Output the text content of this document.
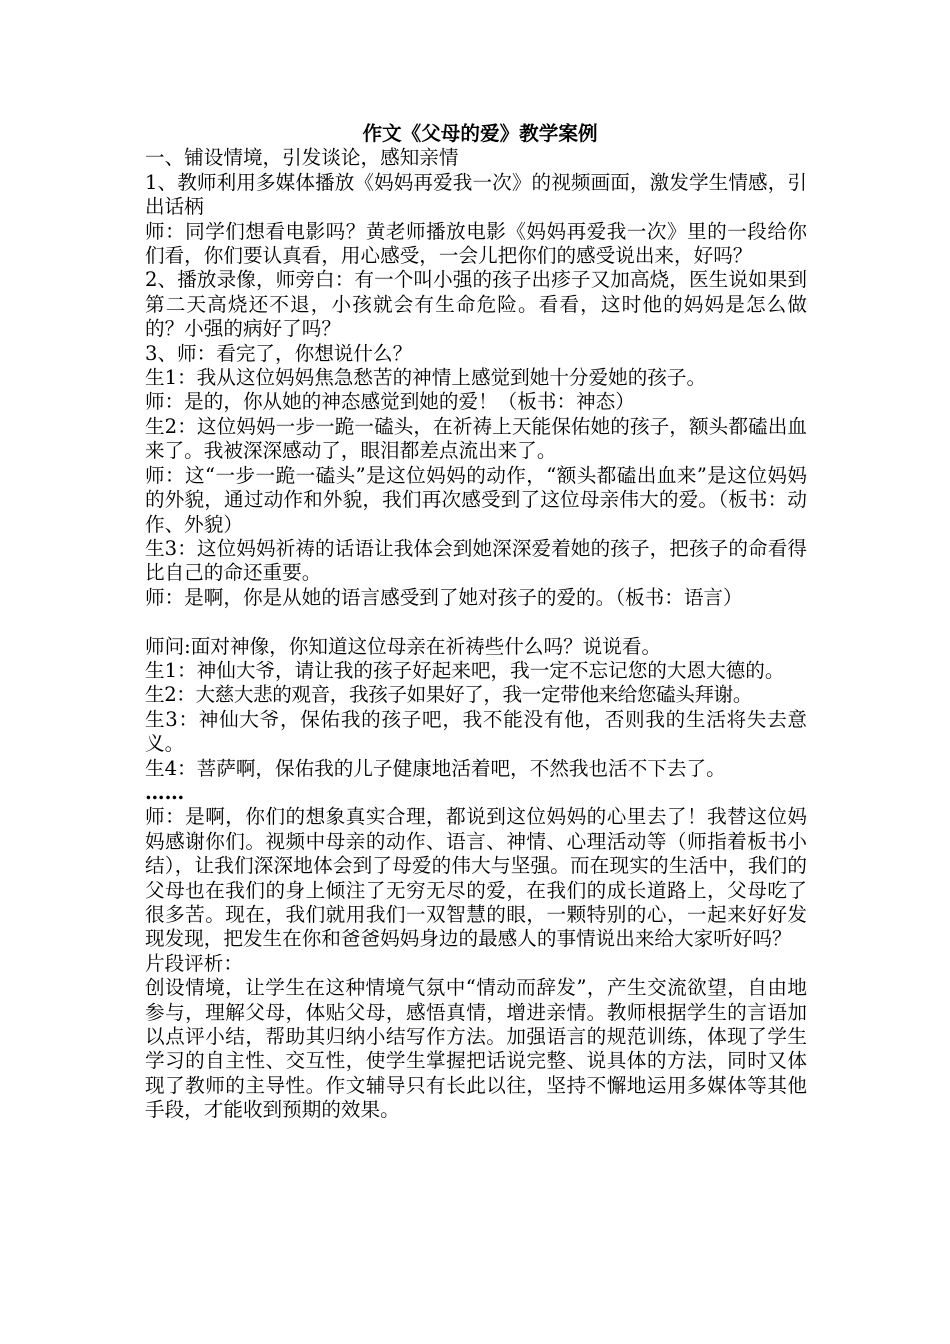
作文《父母的爱》教学案例

一、铺设情境，引发谈论，感知亲情

1、教师利用多媒体播放《妈妈再爱我一次》的视频画面，激发学生情感，引出话柄

师：同学们想看电影吗？黄老师播放电影《妈妈再爱我一次》里的一段给你们看，你们要认真看，用心感受，一会儿把你们的感受说出来，好吗？

2、播放录像，师旁白：有一个叫小强的孩子出疹子又加高烧，医生说如果到第二天高烧还不退，小孩就会有生命危险。看看，这时他的妈妈是怎么做的？小强的病好了吗？

3、师：看完了，你想说什么？

生1：我从这位妈妈焦急愁苦的神情上感觉到她十分爱她的孩子。

师：是的，你从她的神态感觉到她的爱！（板书：神态）

生2：这位妈妈一步一跪一磕头，在祈祷上天能保佑她的孩子，额头都磕出血来了。我被深深感动了，眼泪都差点流出来了。

师：这“一步一跪一磕头”是这位妈妈的动作，“额头都磕出血来”是这位妈妈的外貌，通过动作和外貌，我们再次感受到了这位母亲伟大的爱。（板书：动作、外貌）

生3：这位妈妈祈祷的话语让我体会到她深深爱着她的孩子，把孩子的命看得比自己的命还重要。

师：是啊，你是从她的语言感受到了她对孩子的爱的。（板书：语言）

师问:面对神像，你知道这位母亲在祈祷些什么吗？说说看。

生1：神仙大爷，请让我的孩子好起来吧，我一定不忘记您的大恩大德的。

生2：大慈大悲的观音，我孩子如果好了，我一定带他来给您磕头拜谢。

生3：神仙大爷，保佑我的孩子吧，我不能没有他，否则我的生活将失去意义。

生4：菩萨啊，保佑我的儿子健康地活着吧，不然我也活不下去了。

……

师：是啊，你们的想象真实合理，都说到这位妈妈的心里去了！我替这位妈妈感谢你们。视频中母亲的动作、语言、神情、心理活动等（师指着板书小结），让我们深深地体会到了母爱的伟大与坚强。而在现实的生活中，我们的父母也在我们的身上倾注了无穷无尽的爱，在我们的成长道路上，父母吃了很多苦。现在，我们就用我们一双智慧的眼，一颗特别的心，一起来好好发现发现，把发生在你和爸爸妈妈身边的最感人的事情说出来给大家听好吗？

片段评析：

创设情境，让学生在这种情境气氛中“情动而辞发”，产生交流欲望，自由地参与，理解父母，体贴父母，感悟真情，增进亲情。教师根据学生的言语加以点评小结，帮助其归纳小结写作方法。加强语言的规范训练，体现了学生学习的自主性、交互性，使学生掌握把话说完整、说具体的方法，同时又体现了教师的主导性。作文辅导只有长此以往，坚持不懈地运用多媒体等其他手段，才能收到预期的效果。
